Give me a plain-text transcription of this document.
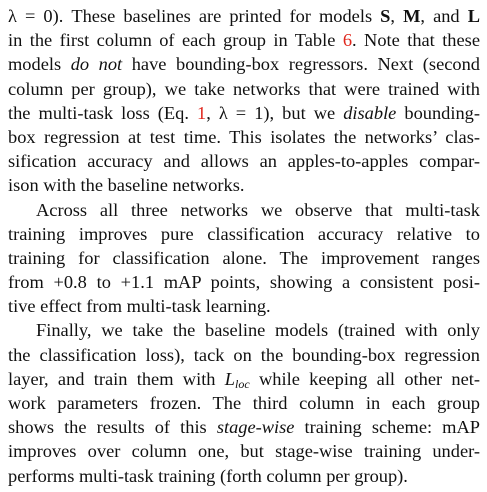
λ = 0). These baselines are printed for models S, M, and L
in the first column of each group in Table 6. Note that these
models do not have bounding-box regressors. Next (second
column per group), we take networks that were trained with
the multi-task loss (Eq. 1, λ = 1), but we disable bounding-
box regression at test time. This isolates the networks’ clas-
sification accuracy and allows an apples-to-apples compar-
ison with the baseline networks.
Across all three networks we observe that multi-task
training improves pure classification accuracy relative to
training for classification alone. The improvement ranges
from +0.8 to +1.1 mAP points, showing a consistent posi-
tive effect from multi-task learning.
Finally, we take the baseline models (trained with only
the classification loss), tack on the bounding-box regression
layer, and train them with $L_{loc}$ while keeping all other net-
work parameters frozen. The third column in each group
shows the results of this stage-wise training scheme: mAP
improves over column one, but stage-wise training under-
performs multi-task training (forth column per group).
